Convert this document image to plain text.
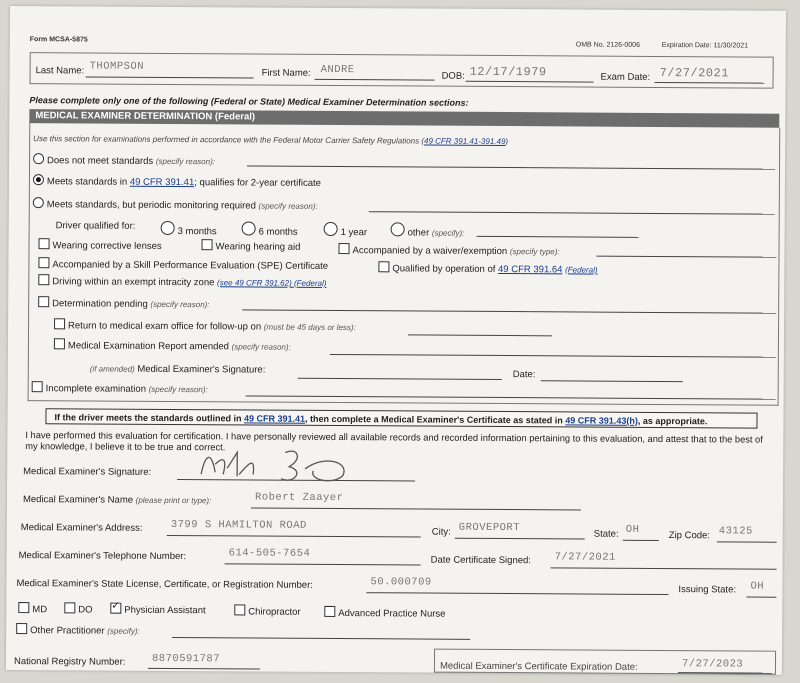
Form MCSA-5875
OMB No. 2126-0006	Expiration Date: 11/30/2021
Last Name: THOMPSON
First Name: ANDRE
DOB: 12/17/1979	Exam Date: 7/27/2021
Please complete only one of the following (Federal or State) Medical Examiner Determination sections:
MEDICAL EXAMINER DETERMINATION (Federal)
Use this section for examinations performed in accordance with the Federal Motor Carrier Safety Regulations (49 CFR 391.41-391.49)
Does not meet standards (specify reason):
Meets standards in 49 CFR 391.41; qualifies for 2-year certificate
Meets standards, but periodic monitoring required (specify reason):
Driver qualified for:	3 months	6 months	1 year	other (specify):
Wearing corrective lenses	Wearing hearing aid	Accompanied by a waiver/exemption (specify type):
Accompanied by a Skill Performance Evaluation (SPE) Certificate	Qualified by operation of 49 CFR 391.64 (Federal)
Driving within an exempt intracity zone (see 49 CFR 391.62) (Federal)
Determination pending (specify reason):
Return to medical exam office for follow-up on (must be 45 days or less):
Medical Examination Report amended (specify reason):
(if amended) Medical Examiner's Signature:	Date:
Incomplete examination (specify reason):
If the driver meets the standards outlined in 49 CFR 391.41, then complete a Medical Examiner's Certificate as stated in 49 CFR 391.43(h), as appropriate.
I have performed this evaluation for certification. I have personally reviewed all available records and recorded information pertaining to this evaluation, and attest that to the best of my knowledge, I believe it to be true and correct.
Medical Examiner's Signature:
Medical Examiner's Name (please print or type):	Robert Zaayer
Medical Examiner's Address:	3799 S HAMILTON ROAD
City: GROVEPORT
State: OH	Zip Code: 43125
Medical Examiner's Telephone Number:	614-505-7654
Date Certificate Signed: 7/27/2021
Medical Examiner's State License, Certificate, or Registration Number:	50.000709
Issuing State: OH
MD	DO
✓	Physician Assistant	Chiropractor	Advanced Practice Nurse
Other Practitioner (specify):
National Registry Number:	8870591787
Medical Examiner's Certificate Expiration Date:	7/27/2023
